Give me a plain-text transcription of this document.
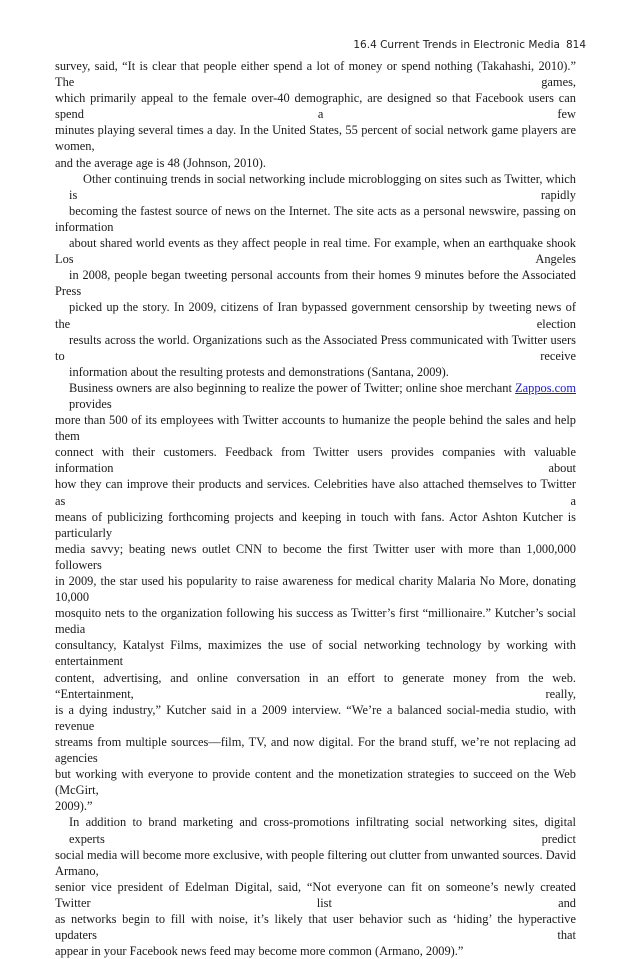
16.4 Current Trends in Electronic Media 814

survey, said, “It is clear that people either spend a lot of money or spend nothing (Takahashi, 2010).” The games,
which primarily appeal to the female over-40 demographic, are designed so that Facebook users can spend a few
minutes playing several times a day. In the United States, 55 percent of social network game players are women,
and the average age is 48 (Johnson, 2010).

Other continuing trends in social networking include microblogging on sites such as Twitter, which is rapidly
becoming the fastest source of news on the Internet. The site acts as a personal newswire, passing on information
about shared world events as they affect people in real time. For example, when an earthquake shook Los Angeles
in 2008, people began tweeting personal accounts from their homes 9 minutes before the Associated Press
picked up the story. In 2009, citizens of Iran bypassed government censorship by tweeting news of the election
results across the world. Organizations such as the Associated Press communicated with Twitter users to receive
information about the resulting protests and demonstrations (Santana, 2009).

Business owners are also beginning to realize the power of Twitter; online shoe merchant Zappos.com provides
more than 500 of its employees with Twitter accounts to humanize the people behind the sales and help them
connect with their customers. Feedback from Twitter users provides companies with valuable information about
how they can improve their products and services. Celebrities have also attached themselves to Twitter as a
means of publicizing forthcoming projects and keeping in touch with fans. Actor Ashton Kutcher is particularly
media savvy; beating news outlet CNN to become the first Twitter user with more than 1,000,000 followers
in 2009, the star used his popularity to raise awareness for medical charity Malaria No More, donating 10,000
mosquito nets to the organization following his success as Twitter’s first “millionaire.” Kutcher’s social media
consultancy, Katalyst Films, maximizes the use of social networking technology by working with entertainment
content, advertising, and online conversation in an effort to generate money from the web. “Entertainment, really,
is a dying industry,” Kutcher said in a 2009 interview. “We’re a balanced social-media studio, with revenue
streams from multiple sources—film, TV, and now digital. For the brand stuff, we’re not replacing ad agencies
but working with everyone to provide content and the monetization strategies to succeed on the Web (McGirt,
2009).”

In addition to brand marketing and cross-promotions infiltrating social networking sites, digital experts predict
social media will become more exclusive, with people filtering out clutter from unwanted sources. David Armano,
senior vice president of Edelman Digital, said, “Not everyone can fit on someone’s newly created Twitter list and
as networks begin to fill with noise, it’s likely that user behavior such as ‘hiding’ the hyperactive updaters that
appear in your Facebook news feed may become more common (Armano, 2009).”
